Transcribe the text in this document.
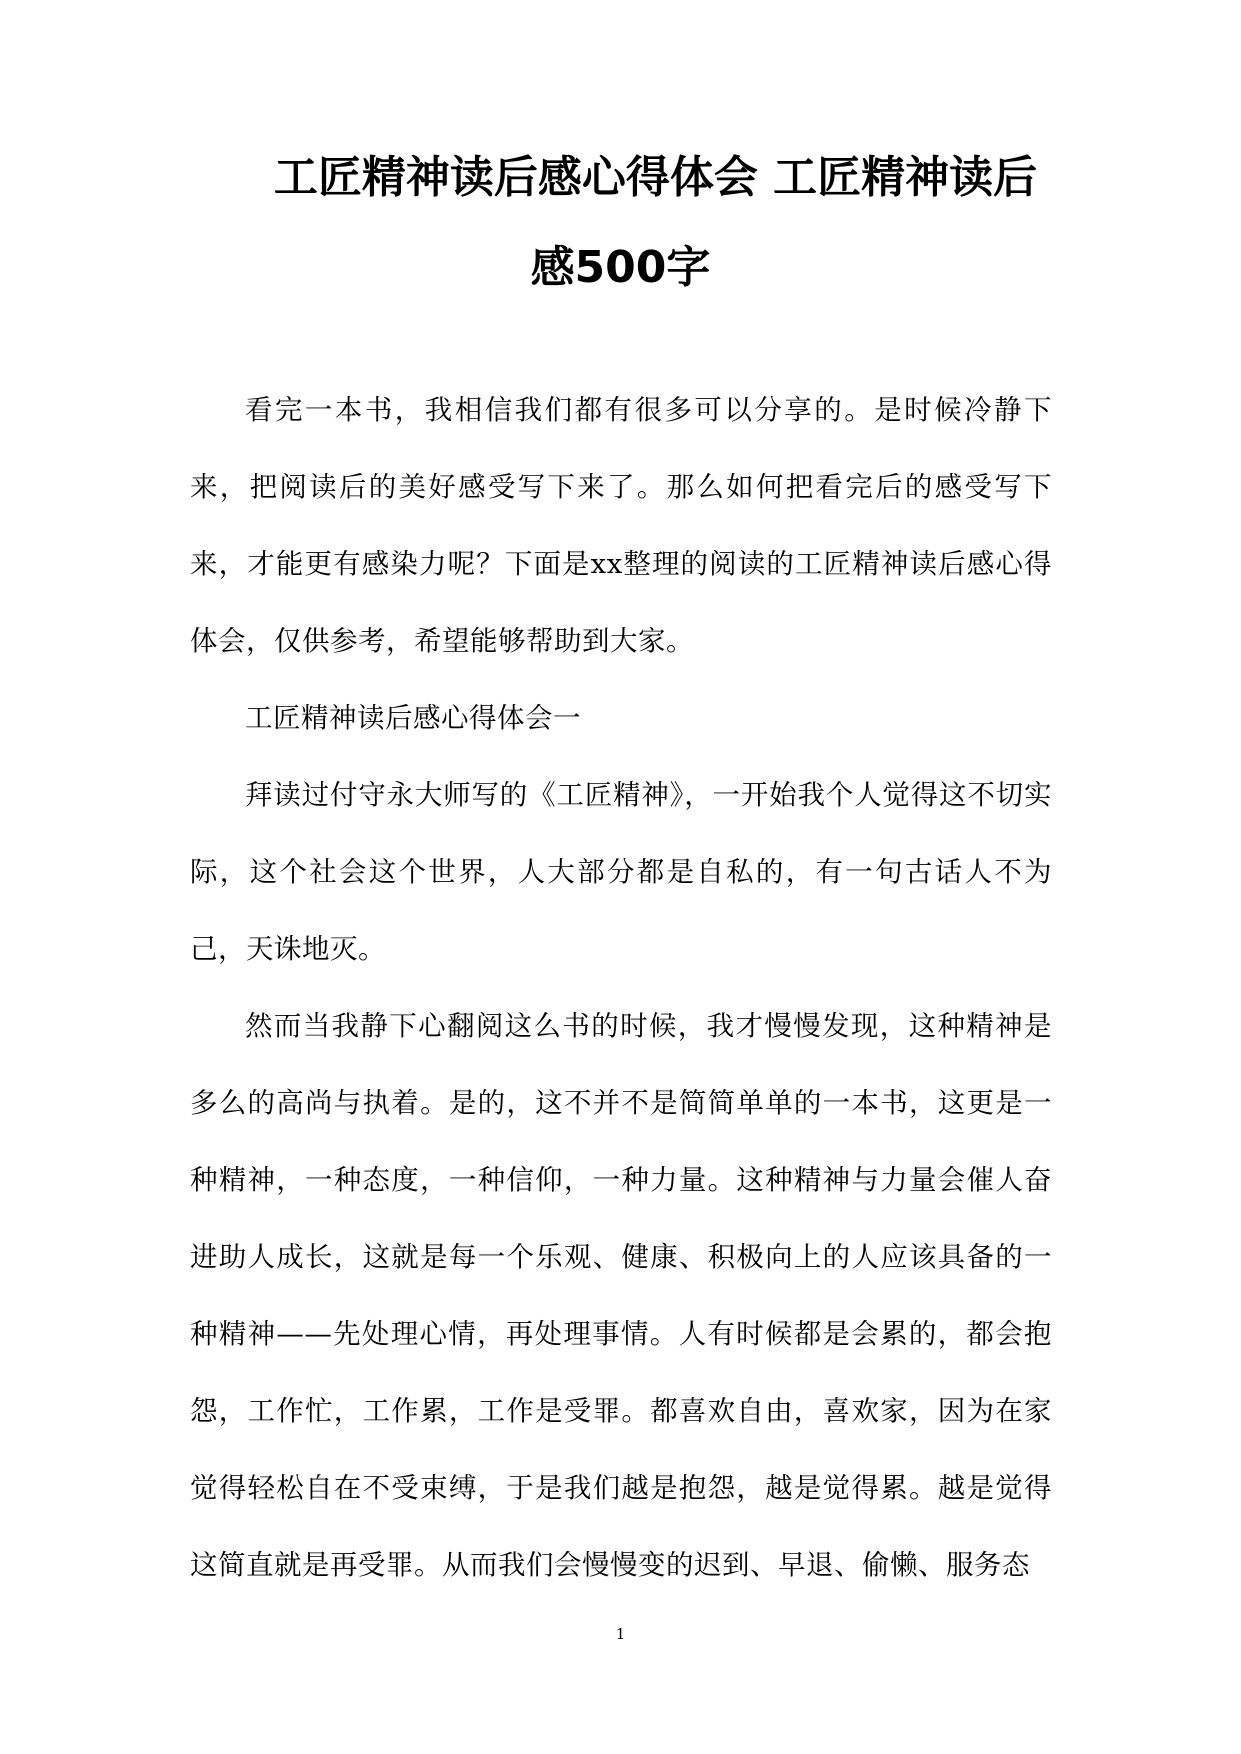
工匠精神读后感心得体会 工匠精神读后
感500字

看完一本书，我相信我们都有很多可以分享的。是时候冷静下来，把阅读后的美好感受写下来了。那么如何把看完后的感受写下来，才能更有感染力呢？下面是xx整理的阅读的工匠精神读后感心得体会，仅供参考，希望能够帮助到大家。

工匠精神读后感心得体会一

拜读过付守永大师写的《工匠精神》，一开始我个人觉得这不切实际，这个社会这个世界，人大部分都是自私的，有一句古话人不为己，天诛地灭。

然而当我静下心翻阅这么书的时候，我才慢慢发现，这种精神是多么的高尚与执着。是的，这不并不是简简单单的一本书，这更是一种精神，一种态度，一种信仰，一种力量。这种精神与力量会催人奋进助人成长，这就是每一个乐观、健康、积极向上的人应该具备的一种精神——先处理心情，再处理事情。人有时候都是会累的，都会抱怨，工作忙，工作累，工作是受罪。都喜欢自由，喜欢家，因为在家觉得轻松自在不受束缚，于是我们越是抱怨，越是觉得累。越是觉得这简直就是再受罪。从而我们会慢慢变的迟到、早退、偷懒、服务态

1
